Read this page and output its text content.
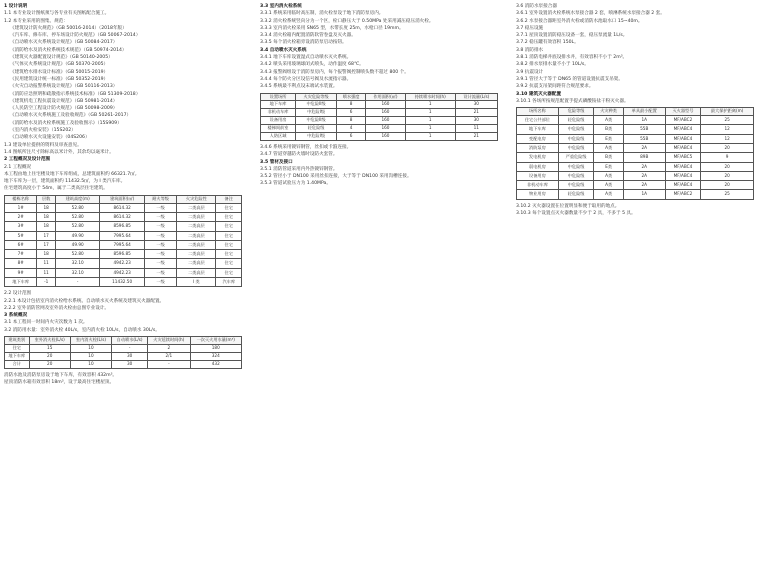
1 设计说明

1.1 本专业设计图纸须与各专业有关图纸配合施工。

1.2 本专业采用的图集、规范：

《建筑设计防火规范》（GB 50016-2014）（2018年版）

《汽车库、修车库、停车场设计防火规范》（GB 50067-2014）

《自动喷水灭火系统设计规范》（GB 50084-2017）

《消防给水及消火栓系统技术规范》（GB 50974-2014）

《建筑灭火器配置设计规范》（GB 50140-2005）

《气体灭火系统设计规范》（GB 50370-2005）

《建筑给水排水设计标准》（GB 50015-2019）

《民用建筑设计统一标准》（GB 50352-2019）

《火灾自动报警系统设计规范》（GB 50116-2013）

《消防应急照明和疏散指示系统技术标准》（GB 51309-2018）

《建筑机电工程抗震设计规范》（GB 50981-2014）

《人民防空工程设计防火规范》（GB 50098-2009）

《自动喷水灭火系统施工及验收规范》（GB 50261-2017）

《消防给水及消火栓系统施工及验收图示》（15S909）

《室内消火栓安装》（15S202）

《自动喷水灭火设施安装》（04S206）

1.3 建设单位提供的资料及审查意见。

1.4 图纸所注尺寸除标高以米计外，其余均以毫米计。

2 工程概况及设计范围

2.1 工程概况

本工程由地上住宅楼及地下车库组成，总建筑面积约 66321.7㎡。

地下车库为一层，建筑面积约 11432.5㎡，为 I 类汽车库。

住宅建筑高度小于 54m，属于二类高层住宅建筑。

楼栋名称	层数	建筑高度(m)	建筑面积(㎡)	耐火等级	火灾危险性	备注
1#	18	52.80	8614.32	一级	二类高层	住宅
2#	18	52.80	8614.32	一级	二类高层	住宅
3#	18	52.80	8596.85	一级	二类高层	住宅
5#	17	49.90	7995.64	一级	二类高层	住宅
6#	17	49.90	7995.64	一级	二类高层	住宅
7#	18	52.80	8596.85	一级	二类高层	住宅
8#	11	32.10	4942.23	一级	二类高层	住宅
9#	11	32.10	4942.23	一级	二类高层	住宅
地下车库	-1	-	11432.50	一级	I 类	汽车库

2.2 设计范围

2.2.1 本设计包括室内消火栓给水系统、自动喷水灭火系统及建筑灭火器配置。

2.2.2 室外消防管网及室外消火栓由总图专业设计。

3 系统概况

3.1 本工程同一时间内火灾次数为 1 次。

3.2 消防用水量：室外消火栓 40L/s，室内消火栓 10L/s，自动喷水 30L/s。

建筑类别	室外消火栓(L/s)	室内消火栓(L/s)	自动喷水(L/s)	火灾延续时间(h)	一次灭火用水量(m³)
住宅	15	10	-	2	180
地下车库	20	10	30	2/1	324
合计	20	10	30	-	432

消防水池及消防泵房设于地下车库，有效容积 432m³。

屋顶消防水箱有效容积 18m³，设于最高住宅楼屋顶。

3.3 室内消火栓系统

3.3.1 系统采用临时高压制，消火栓泵设于地下消防泵房内。

3.3.2 消火栓系统竖向分为一个区，栓口静压大于 0.50MPa 处采用减压稳压消火栓。

3.3.3 室内消火栓采用 SN65 型，水带长度 25m，水枪口径 19mm。

3.3.4 消火栓箱内配置消防软管卷盘及灭火器。

3.3.5 每个消火栓箱旁设消防泵启动按钮。

3.4 自动喷水灭火系统

3.4.1 地下车库设置湿式自动喷水灭火系统。

3.4.2 喷头采用玻璃球闭式喷头，动作温度 68℃。

3.4.3 报警阀组设于消防泵房内，每个报警阀控制喷头数不超过 800 个。

3.4.4 每个防火分区设信号阀及水流指示器。

3.4.5 系统最不利点设末端试水装置。

设置场所	火灾危险等级	喷水强度	作用面积(㎡)	持续喷水时间(h)	设计流量(L/s)
地下车库	中危险II级	8	160	1	30
非机动车库	中危险I级	6	160	1	21
设备用房	中危险II级	8	160	1	30
楼梯间前室	轻危险级	4	160	1	11
人防区域	中危险I级	6	160	1	21

3.4.6 系统采用镀锌钢管，丝扣或卡箍连接。

3.4.7 管道穿越防火墙时设防火套管。

3.5 管材及接口

3.5.1 消防管道采用内外热镀锌钢管。

3.5.2 管径小于 DN100 采用丝扣连接，大于等于 DN100 采用沟槽连接。

3.5.3 管道试验压力为 1.40MPa。

3.6 消防水泵接合器

3.6.1 室外设置消火栓系统水泵接合器 2 套，喷淋系统水泵接合器 2 套。

3.6.2 水泵接合器距室外消火栓或消防水池取水口 15~40m。

3.7 稳压设施

3.7.1 屋顶设置消防稳压设备一套，稳压泵流量 1L/s。

3.7.2 稳压罐有效容积 150L。

3.8 消防排水

3.8.1 消防电梯井底设排水井，有效容积不小于 2m³。

3.8.2 排水泵排水量不小于 10L/s。

3.9 抗震设计

3.9.1 管径大于等于 DN65 的管道设置抗震支吊架。

3.9.2 抗震支吊架间距符合规范要求。

3.10 建筑灭火器配置

3.10.1 各场所按规范配置手提式磷酸铵盐干粉灭火器。

场所名称	危险等级	火灾种类	单具最小配置	灭火器型号	最大保护距离(m)
住宅公共部位	轻危险级	A类	1A	MF/ABC2	25
地下车库	中危险级	B类	55B	MF/ABC4	12
变配电房	中危险级	E类	55B	MF/ABC4	12
消防泵房	中危险级	A类	2A	MF/ABC4	20
发电机房	严重危险级	B类	89B	MF/ABC5	9
弱电机房	中危险级	E类	2A	MF/ABC4	20
设备用房	中危险级	A类	2A	MF/ABC4	20
非机动车库	中危险级	A类	2A	MF/ABC4	20
物业用房	轻危险级	A类	1A	MF/ABC2	25

3.10.2 灭火器设置在位置明显和便于取用的地点。

3.10.3 每个设置点灭火器数量不少于 2 具，不多于 5 具。
